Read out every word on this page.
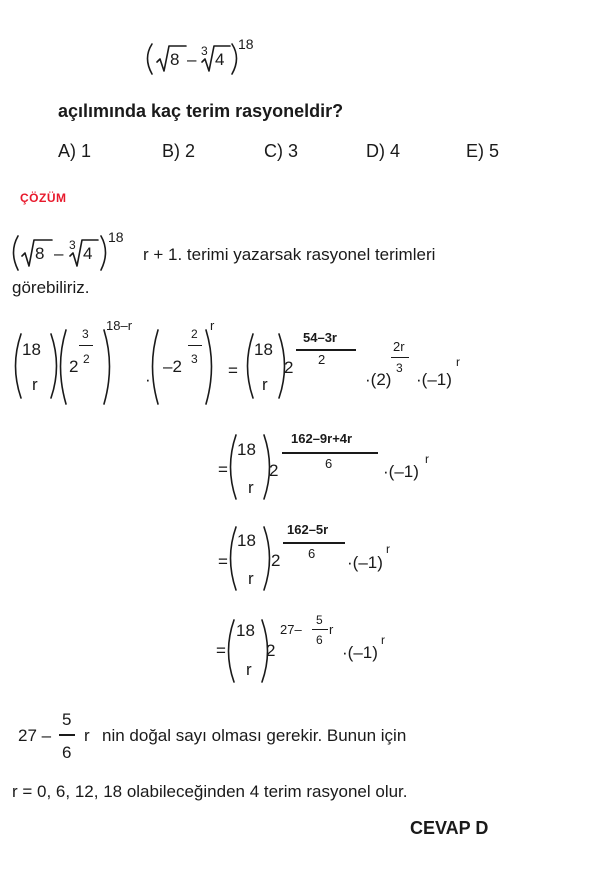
8 – 3 4
18
açılımında kaç terim rasyoneldir?
A) 1	B) 2	C) 3	D) 4	E) 5
ÇÖZÜM
8 – 3 4
18
r + 1. terimi yazarsak rasyonel terimleri
görebiliriz.
18
r
3
2 2
18–r
·
2
–2 3
r
=
18
r
2
54–3r
2
·(2)
2r
3
·(–1)
r
=
18
r
2
162–9r+4r
6	·(–1)
r
=
18
r
2
162–5r
6 ·(–1)
r
=
18
r
2
27–
5
6
r
·(–1)
r
27 –
5
6
r nin doğal sayı olması gerekir. Bunun için
r = 0, 6, 12, 18 olabileceğinden 4 terim rasyonel olur.
CEVAP D
